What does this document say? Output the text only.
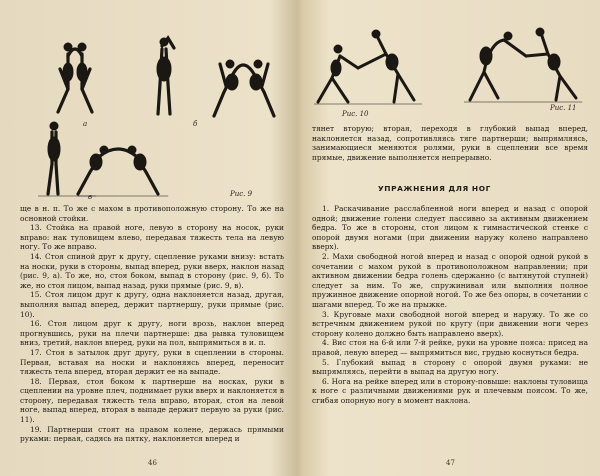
а	б
в	Рис. 9

ще в н. п. То же с махом в противоположную сторону. То же на основной стойки.

13. Стойка на правой ноге, левую в сторону на носок, руки вправо: нак туловищем влево, передавая тяжесть тела на левую ногу. То же вправо.

14. Стоя спиной друг к другу, сцепление руками внизу: встать на носки, руки в стороны, выпад вперед, руки вверх, наклон назад (рис. 9, а). То же, но, стоя боком, выпад в сторону (рис. 9, б). То же, но стоя лицом, выпад назад, руки прямые (рис. 9, в).

15. Стоя лицом друг к другу, одна наклоняется назад, другая, выполняя выпад вперед, держит партнершу, руки прямые (рис. 10).

16. Стоя лицом друг к другу, ноги врозь, наклон вперед прогнувшись, руки на плечи партнерше: два рывка туловищем вниз, третий, наклон вперед, руки на пол, выпрямиться в и. п.

17. Стоя в затылок друг другу, руки в сцеплении в стороны. Первая, вставая на носки и наклоняясь вперед, переносит тяжесть тела вперед, вторая держит ее на выпаде.

18. Первая, стоя боком к партнерше на носках, руки в сцеплении на уровне плеч, поднимает руки вверх и наклоняется в сторону, передавая тяжесть тела вправо, вторая, стоя на левой ноге, выпад вперед, вторая в выпаде держит первую за руки (рис. 11).

19. Партнерши стоят на правом колене, держась прямыми руками: первая, садясь на пятку, наклоняется вперед и

46
Рис. 10
Рис. 11

тянет вторую; вторая, переходя в глубокий выпад вперед, наклоняется назад, сопротивляясь тяге партнерши; выпрямляясь, занимающиеся меняются ролями, руки в сцеплении все время прямые, движение выполняется непрерывно.

УПРАЖНЕНИЯ ДЛЯ НОГ

1. Раскачивание расслабленной ноги вперед и назад с опорой одной; движение голени следует пассивно за активным движением бедра. То же в стороны, стоя лицом к гимнастической стенке с опорой двумя ногами (при движении наружу колено направлено вверх).

2. Махи свободной ногой вперед и назад с опорой одной рукой в сочетании с махом рукой в противоположном направлении; при активном движении бедра голень сдержанно (с вытянутой ступней) следует за ним. То же, спружинивая или выполняя полное пружинное движение опорной ногой. То же без опоры, в сочетании с шагами вперед. То же на прыжке.

3. Круговые махи свободной ногой вперед и наружу. То же со встречным движением рукой по кругу (при движении ноги через сторону колено должно быть направлено вверх).

4. Вис стоя на 6-й или 7-й рейке, руки на уровне пояса: присед на правой, левую вперед — выпрямиться вис, грудью коснуться бедра.

5. Глубокий выпад в сторону с опорой двумя руками: не выпрямляясь, перейти в выпад на другую ногу.

6. Нога на рейке вперед или в сторону-повыше: наклоны туловища к ноге с различными движениями рук и плечевым поясом. То же, сгибая опорную ногу в момент наклона.

47
